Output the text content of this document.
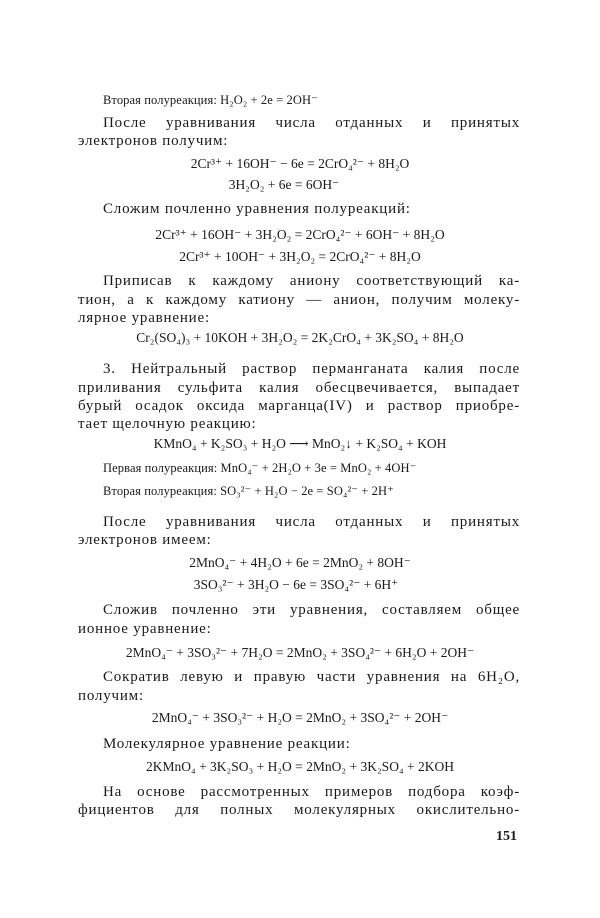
Вторая полуреакция: H₂O₂ + 2e = 2OH⁻
После уравнивания числа отданных и принятых
электронов получим:
2Cr³⁺ + 16OH⁻ − 6e = 2CrO₄²⁻ + 8H₂O
3H₂O₂ + 6e = 6OH⁻
Сложим почленно уравнения полуреакций:
2Cr³⁺ + 16OH⁻ + 3H₂O₂ = 2CrO₄²⁻ + 6OH⁻ + 8H₂O
2Cr³⁺ + 10OH⁻ + 3H₂O₂ = 2CrO₄²⁻ + 8H₂O
Приписав к каждому аниону соответствующий ка-
тион, а к каждому катиону — анион, получим молеку-
лярное уравнение:
Cr₂(SO₄)₃ + 10KOH + 3H₂O₂ = 2K₂CrO₄ + 3K₂SO₄ + 8H₂O
3. Нейтральный раствор перманганата калия после
приливания сульфита калия обесцвечивается, выпадает
бурый осадок оксида марганца(IV) и раствор приобре-
тает щелочную реакцию:
KMnO₄ + K₂SO₃ + H₂O ⟶ MnO₂↓ + K₂SO₄ + KOH
Первая полуреакция: MnO₄⁻ + 2H₂O + 3e = MnO₂ + 4OH⁻
Вторая полуреакция: SO₃²⁻ + H₂O − 2e = SO₄²⁻ + 2H⁺
После уравнивания числа отданных и принятых
электронов имеем:
2MnO₄⁻ + 4H₂O + 6e = 2MnO₂ + 8OH⁻
3SO₃²⁻ + 3H₂O − 6e = 3SO₄²⁻ + 6H⁺
Сложив почленно эти уравнения, составляем общее
ионное уравнение:
2MnO₄⁻ + 3SO₃²⁻ + 7H₂O = 2MnO₂ + 3SO₄²⁻ + 6H₂O + 2OH⁻
Сократив левую и правую части уравнения на 6H₂O,
получим:
2MnO₄⁻ + 3SO₃²⁻ + H₂O = 2MnO₂ + 3SO₄²⁻ + 2OH⁻
Молекулярное уравнение реакции:
2KMnO₄ + 3K₂SO₃ + H₂O = 2MnO₂ + 3K₂SO₄ + 2KOH
На основе рассмотренных примеров подбора коэф-
фициентов для полных молекулярных окислительно-
151
